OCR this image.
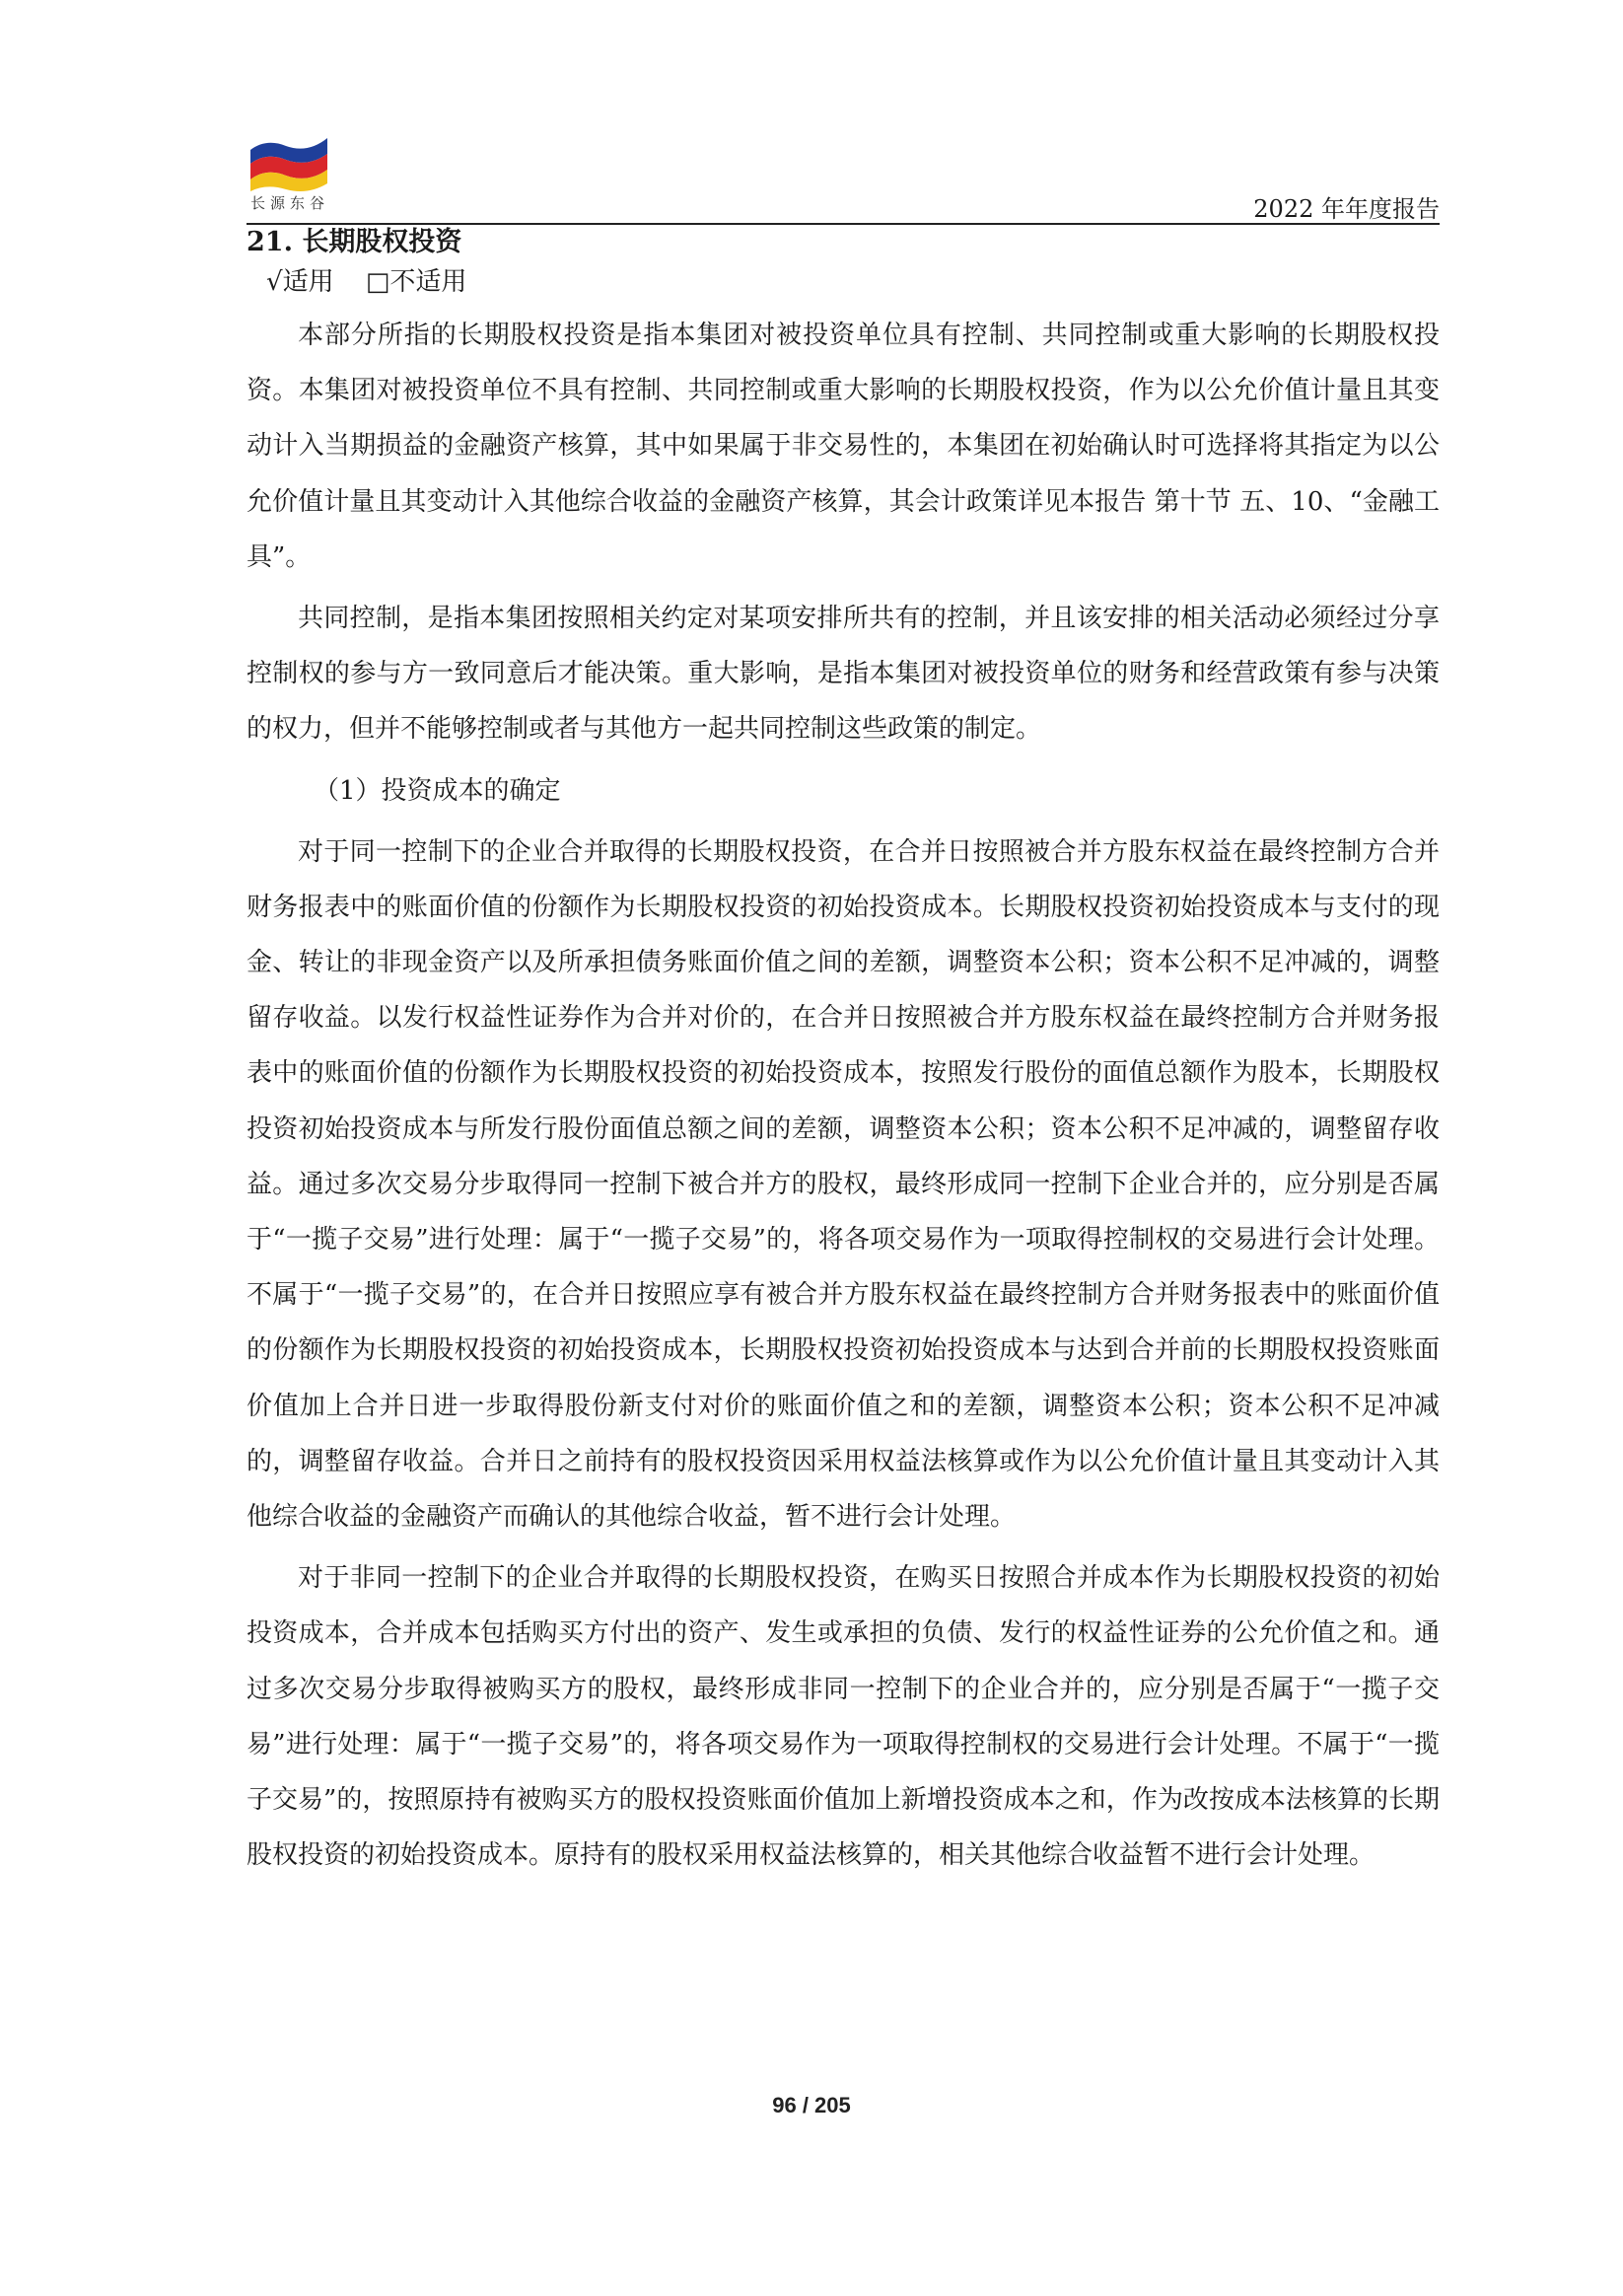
长源东谷	2022 年年度报告
21. 长期股权投资
√适用 □不适用

本部分所指的长期股权投资是指本集团对被投资单位具有控制、共同控制或重大影响的长期股权投资。本集团对被投资单位不具有控制、共同控制或重大影响的长期股权投资，作为以公允价值计量且其变动计入当期损益的金融资产核算，其中如果属于非交易性的，本集团在初始确认时可选择将其指定为以公允价值计量且其变动计入其他综合收益的金融资产核算，其会计政策详见本报告 第十节 五、10、“金融工具”。

共同控制，是指本集团按照相关约定对某项安排所共有的控制，并且该安排的相关活动必须经过分享控制权的参与方一致同意后才能决策。重大影响，是指本集团对被投资单位的财务和经营政策有参与决策的权力，但并不能够控制或者与其他方一起共同控制这些政策的制定。

（1）投资成本的确定

对于同一控制下的企业合并取得的长期股权投资，在合并日按照被合并方股东权益在最终控制方合并财务报表中的账面价值的份额作为长期股权投资的初始投资成本。长期股权投资初始投资成本与支付的现金、转让的非现金资产以及所承担债务账面价值之间的差额，调整资本公积；资本公积不足冲减的，调整留存收益。以发行权益性证券作为合并对价的，在合并日按照被合并方股东权益在最终控制方合并财务报表中的账面价值的份额作为长期股权投资的初始投资成本，按照发行股份的面值总额作为股本，长期股权投资初始投资成本与所发行股份面值总额之间的差额，调整资本公积；资本公积不足冲减的，调整留存收益。通过多次交易分步取得同一控制下被合并方的股权，最终形成同一控制下企业合并的，应分别是否属于“一揽子交易”进行处理：属于“一揽子交易”的，将各项交易作为一项取得控制权的交易进行会计处理。不属于“一揽子交易”的，在合并日按照应享有被合并方股东权益在最终控制方合并财务报表中的账面价值的份额作为长期股权投资的初始投资成本，长期股权投资初始投资成本与达到合并前的长期股权投资账面价值加上合并日进一步取得股份新支付对价的账面价值之和的差额，调整资本公积；资本公积不足冲减的，调整留存收益。合并日之前持有的股权投资因采用权益法核算或作为以公允价值计量且其变动计入其他综合收益的金融资产而确认的其他综合收益，暂不进行会计处理。

对于非同一控制下的企业合并取得的长期股权投资，在购买日按照合并成本作为长期股权投资的初始投资成本，合并成本包括购买方付出的资产、发生或承担的负债、发行的权益性证券的公允价值之和。通过多次交易分步取得被购买方的股权，最终形成非同一控制下的企业合并的，应分别是否属于“一揽子交易”进行处理：属于“一揽子交易”的，将各项交易作为一项取得控制权的交易进行会计处理。不属于“一揽子交易”的，按照原持有被购买方的股权投资账面价值加上新增投资成本之和，作为改按成本法核算的长期股权投资的初始投资成本。原持有的股权采用权益法核算的，相关其他综合收益暂不进行会计处理。

96 / 205
